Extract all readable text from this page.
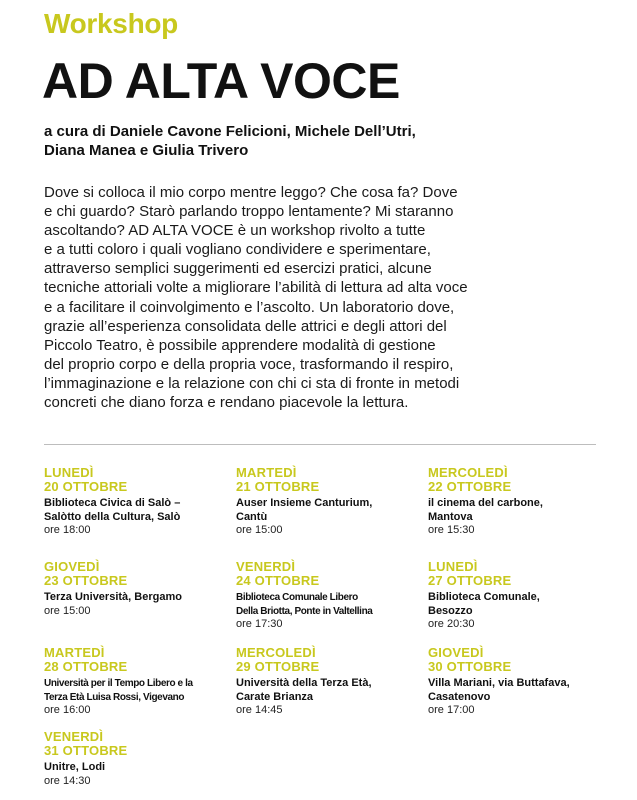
Workshop
AD ALTA VOCE
a cura di Daniele Cavone Felicioni, Michele Dell’Utri,
Diana Manea e Giulia Trivero
Dove si colloca il mio corpo mentre leggo? Che cosa fa? Dove
e chi guardo? Starò parlando troppo lentamente? Mi staranno
ascoltando? AD ALTA VOCE è un workshop rivolto a tutte
e a tutti coloro i quali vogliano condividere e sperimentare,
attraverso semplici suggerimenti ed esercizi pratici, alcune
tecniche attoriali volte a migliorare l’abilità di lettura ad alta voce
e a facilitare il coinvolgimento e l’ascolto. Un laboratorio dove,
grazie all’esperienza consolidata delle attrici e degli attori del
Piccolo Teatro, è possibile apprendere modalità di gestione
del proprio corpo e della propria voce, trasformando il respiro,
l’immaginazione e la relazione con chi ci sta di fronte in metodi
concreti che diano forza e rendano piacevole la lettura.
LUNEDÌ
20 OTTOBRE
Biblioteca Civica di Salò –
Salòtto della Cultura, Salò
ore 18:00
MARTEDÌ
21 OTTOBRE
Auser Insieme Canturium,
Cantù
ore 15:00
MERCOLEDÌ
22 OTTOBRE
il cinema del carbone,
Mantova
ore 15:30
GIOVEDÌ
23 OTTOBRE
Terza Università, Bergamo
ore 15:00
VENERDÌ
24 OTTOBRE
Biblioteca Comunale Libero
Della Briotta, Ponte in Valtellina
ore 17:30
LUNEDÌ
27 OTTOBRE
Biblioteca Comunale,
Besozzo
ore 20:30
MARTEDÌ
28 OTTOBRE
Università per il Tempo Libero e la
Terza Età Luisa Rossi, Vigevano
ore 16:00
MERCOLEDÌ
29 OTTOBRE
Università della Terza Età,
Carate Brianza
ore 14:45
GIOVEDÌ
30 OTTOBRE
Villa Mariani, via Buttafava,
Casatenovo
ore 17:00
VENERDÌ
31 OTTOBRE
Unitre, Lodi
ore 14:30
